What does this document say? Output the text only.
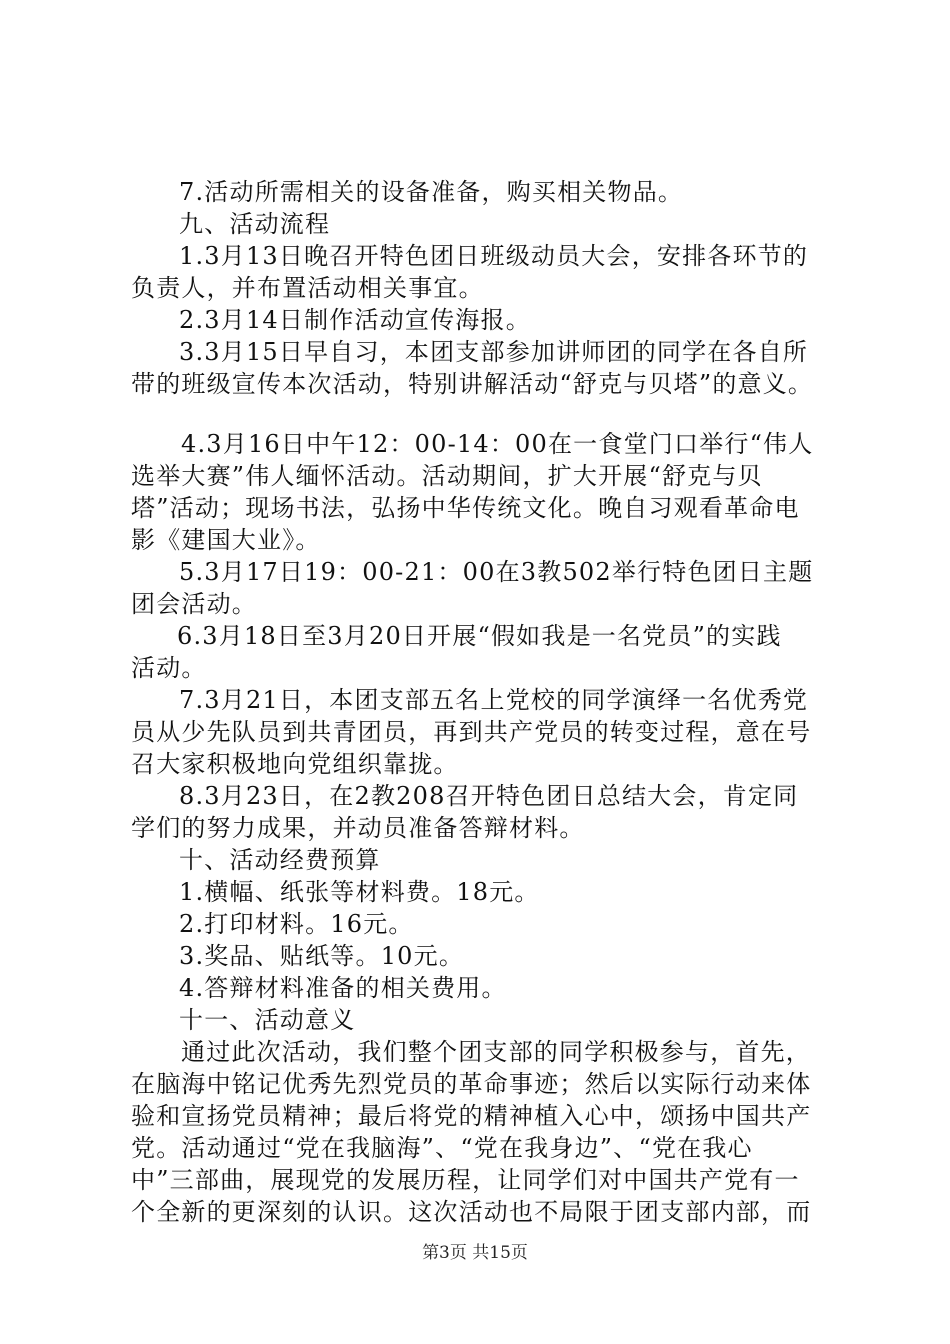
7.活动所需相关的设备准备，购买相关物品。
九、活动流程
1.3月13日晚召开特色团日班级动员大会，安排各环节的
负责人，并布置活动相关事宜。
2.3月14日制作活动宣传海报。
3.3月15日早自习，本团支部参加讲师团的同学在各自所
带的班级宣传本次活动，特别讲解活动“舒克与贝塔”的意义。
4.3月16日中午12：00-14：00在一食堂门口举行“伟人
选举大赛”伟人缅怀活动。活动期间，扩大开展“舒克与贝
塔”活动；现场书法，弘扬中华传统文化。晚自习观看革命电
影《建国大业》。
5.3月17日19：00-21：00在3教502举行特色团日主题
团会活动。
6.3月18日至3月20日开展“假如我是一名党员”的实践
活动。
7.3月21日，本团支部五名上党校的同学演绎一名优秀党
员从少先队员到共青团员，再到共产党员的转变过程，意在号
召大家积极地向党组织靠拢。
8.3月23日，在2教208召开特色团日总结大会，肯定同
学们的努力成果，并动员准备答辩材料。
十、活动经费预算
1.横幅、纸张等材料费。18元。
2.打印材料。16元。
3.奖品、贴纸等。10元。
4.答辩材料准备的相关费用。
十一、活动意义
通过此次活动，我们整个团支部的同学积极参与，首先，
在脑海中铭记优秀先烈党员的革命事迹；然后以实际行动来体
验和宣扬党员精神；最后将党的精神植入心中，颂扬中国共产
党。活动通过“党在我脑海”、“党在我身边”、“党在我心
中”三部曲，展现党的发展历程，让同学们对中国共产党有一
个全新的更深刻的认识。这次活动也不局限于团支部内部，而
第3页 共15页
